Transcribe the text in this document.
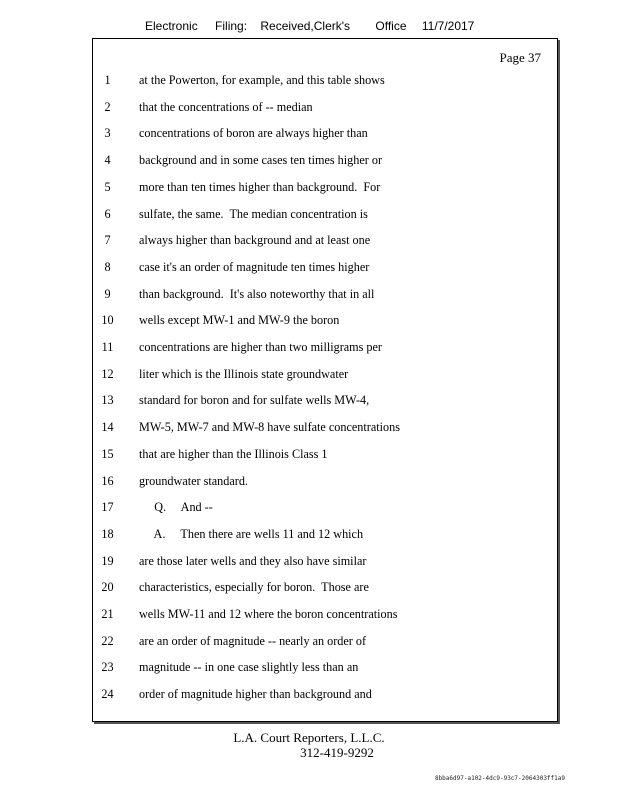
Electronic Filing: Received,Clerk's Office 11/7/2017
Page 37
1	at the Powerton, for example, and this table shows
2	that the concentrations of -- median
3	concentrations of boron are always higher than
4	background and in some cases ten times higher or
5	more than ten times higher than background.  For
6	sulfate, the same.  The median concentration is
7	always higher than background and at least one
8	case it's an order of magnitude ten times higher
9	than background.  It's also noteworthy that in all
10	wells except MW-1 and MW-9 the boron
11	concentrations are higher than two milligrams per
12	liter which is the Illinois state groundwater
13	standard for boron and for sulfate wells MW-4,
14	MW-5, MW-7 and MW-8 have sulfate concentrations
15	that are higher than the Illinois Class 1
16	groundwater standard.
17	Q.     And --
18	A.     Then there are wells 11 and 12 which
19	are those later wells and they also have similar
20	characteristics, especially for boron.  Those are
21	wells MW-11 and 12 where the boron concentrations
22	are an order of magnitude -- nearly an order of
23	magnitude -- in one case slightly less than an
24	order of magnitude higher than background and
L.A. Court Reporters, L.L.C.
312-419-9292
8bba6d97-a102-4dc9-93c7-2064303ff1a9
